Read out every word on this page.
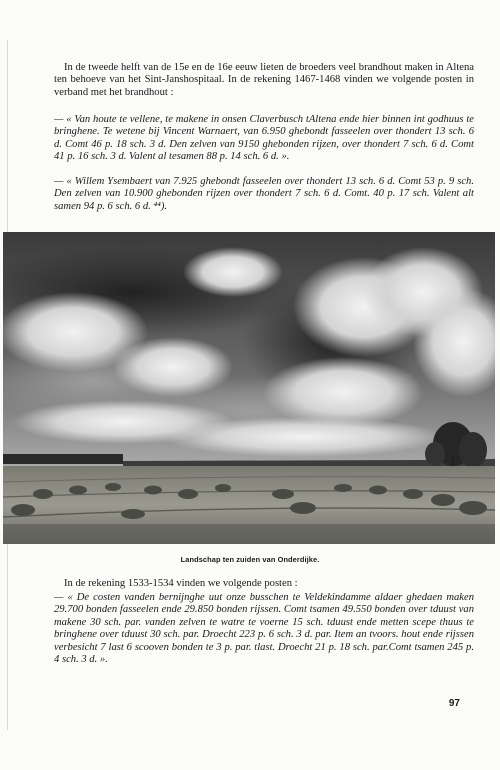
In de tweede helft van de 15e en de 16e eeuw lieten de broeders veel brandhout maken in Altena ten behoeve van het Sint-Janshospitaal. In de rekening 1467-1468 vinden we volgende posten in verband met het brandhout :

— « Van houte te vellene, te makene in onsen Claverbusch tAltena ende hier binnen int godhuus te bringhene. Te wetene bij Vincent Warnaert, van 6.950 ghebondt fasseelen over thondert 13 sch. 6 d. Comt 46 p. 18 sch. 3 d. Den zelven van 9150 ghebonden rijzen, over thondert 7 sch. 6 d. Comt 41 p. 16 sch. 3 d. Valent al tesamen 88 p. 14 sch. 6 d. ».

— « Willem Ysembaert van 7.925 ghebondt fasseelen over thondert 13 sch. 6 d. Comt 53 p. 9 sch. Den zelven van 10.900 ghebonden rijzen over thondert 7 sch. 6 d. Comt. 40 p. 17 sch. Valent alt samen 94 p. 6 sch. 6 d. ⁴⁴).

Landschap ten zuiden van Onderdijke.

In de rekening 1533-1534 vinden we volgende posten :

— « De costen vanden bernijnghe uut onze busschen te Veldekindamme aldaer ghedaen maken 29.700 bonden fasseelen ende 29.850 bonden rijssen. Comt tsamen 49.550 bonden over tduust van makene 30 sch. par. vanden zelven te watre te voerne 15 sch. tduust ende metten scepe thuus te bringhene over tduust 30 sch. par. Droecht 223 p. 6 sch. 3 d. par. Item an tvoors. hout ende rijssen verbesicht 7 last 6 scooven bonden te 3 p. par. tlast. Droecht 21 p. 18 sch. par.Comt tsamen 245 p. 4 sch. 3 d. ».

97
